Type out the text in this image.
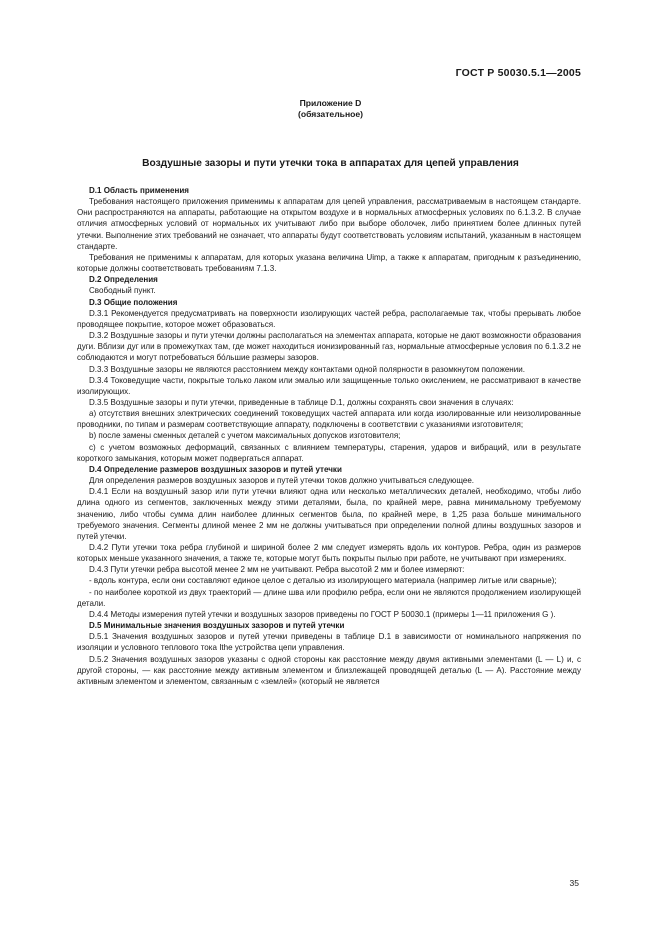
ГОСТ Р 50030.5.1—2005
Приложение D
(обязательное)
Воздушные зазоры и пути утечки тока в аппаратах для цепей управления

D.1 Область применения

Требования настоящего приложения применимы к аппаратам для цепей управления, рассматриваемым в настоящем стандарте. Они распространяются на аппараты, работающие на открытом воздухе и в нормальных атмосферных условиях по 6.1.3.2. В случае отличия атмосферных условий от нормальных их учитывают либо при выборе оболочек, либо принятием более длинных путей утечки. Выполнение этих требований не означает, что аппараты будут соответствовать условиям испытаний, указанным в настоящем стандарте.

Требования не применимы к аппаратам, для которых указана величина Uimp, а также к аппаратам, пригодным к разъединению, которые должны соответствовать требованиям 7.1.3.

D.2 Определения

Свободный пункт.

D.3 Общие положения

D.3.1 Рекомендуется предусматривать на поверхности изолирующих частей ребра, располагаемые так, чтобы прерывать любое проводящее покрытие, которое может образоваться.

D.3.2 Воздушные зазоры и пути утечки должны располагаться на элементах аппарата, которые не дают возможности образования дуги. Вблизи дуг или в промежутках там, где может находиться ионизированный газ, нормальные атмосферные условия по 6.1.3.2 не соблюдаются и могут потребоваться бо́льшие размеры зазоров.

D.3.3 Воздушные зазоры не являются расстоянием между контактами одной полярности в разомкнутом положении.

D.3.4 Токоведущие части, покрытые только лаком или эмалью или защищенные только окислением, не рассматривают в качестве изолирующих.

D.3.5 Воздушные зазоры и пути утечки, приведенные в таблице D.1, должны сохранять свои значения в случаях:

а) отсутствия внешних электрических соединений токоведущих частей аппарата или когда изолированные или неизолированные проводники, по типам и размерам соответствующие аппарату, подключены в соответствии с указаниями изготовителя;

b) после замены сменных деталей с учетом максимальных допусков изготовителя;

c) с учетом возможных деформаций, связанных с влиянием температуры, старения, ударов и вибраций, или в результате короткого замыкания, которым может подвергаться аппарат.

D.4 Определение размеров воздушных зазоров и путей утечки

Для определения размеров воздушных зазоров и путей утечки токов должно учитываться следующее.

D.4.1 Если на воздушный зазор или пути утечки влияют одна или несколько металлических деталей, необходимо, чтобы либо длина одного из сегментов, заключенных между этими деталями, была, по крайней мере, равна минимальному требуемому значению, либо чтобы сумма длин наиболее длинных сегментов была, по крайней мере, в 1,25 раза больше минимального требуемого значения. Сегменты длиной менее 2 мм не должны учитываться при определении полной длины воздушных зазоров и путей утечки.

D.4.2 Пути утечки тока ребра глубиной и шириной более 2 мм следует измерять вдоль их контуров. Ребра, один из размеров которых меньше указанного значения, а также те, которые могут быть покрыты пылью при работе, не учитывают при измерениях.

D.4.3 Пути утечки ребра высотой менее 2 мм не учитывают. Ребра высотой 2 мм и более измеряют:

- вдоль контура, если они составляют единое целое с деталью из изолирующего материала (например литые или сварные);

- по наиболее короткой из двух траекторий — длине шва или профилю ребра, если они не являются продолжением изолирующей детали.

D.4.4 Методы измерения путей утечки и воздушных зазоров приведены по ГОСТ Р 50030.1 (примеры 1—11 приложения G ).

D.5 Минимальные значения воздушных зазоров и путей утечки

D.5.1 Значения воздушных зазоров и путей утечки приведены в таблице D.1 в зависимости от номинального напряжения по изоляции и условного теплового тока Ithe устройства цепи управления.

D.5.2 Значения воздушных зазоров указаны с одной стороны как расстояние между двумя активными элементами (L — L) и, с другой стороны, — как расстояние между активным элементом и близлежащей проводящей деталью (L — A). Расстояние между активным элементом и элементом, связанным с «землей» (который не является

35
